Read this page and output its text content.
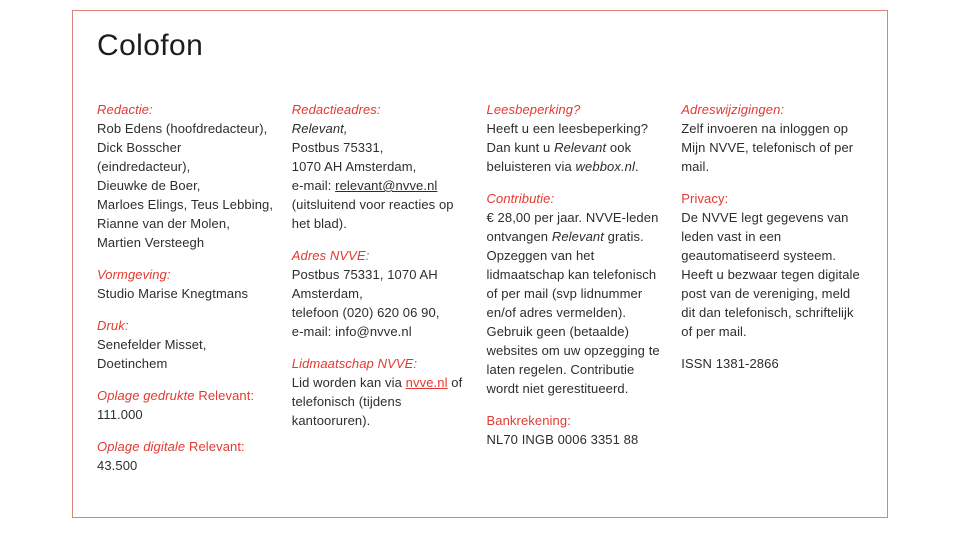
Colofon
Redactie:
Rob Edens (hoofdredacteur),
Dick Bosscher (eindredacteur),
Dieuwke de Boer,
Marloes Elings, Teus Lebbing,
Rianne van der Molen,
Martien Versteegh
Vormgeving:
Studio Marise Knegtmans
Druk:
Senefelder Misset, Doetinchem
Oplage gedrukte Relevant:
111.000
Oplage digitale Relevant:
43.500
Redactieadres:
Relevant,
Postbus 75331,
1070 AH Amsterdam,
e-mail: relevant@nvve.nl
(uitsluitend voor reacties op het blad).
Adres NVVE:
Postbus 75331, 1070 AH Amsterdam,
telefoon (020) 620 06 90,
e-mail: info@nvve.nl
Lidmaatschap NVVE:
Lid worden kan via nvve.nl of telefonisch (tijdens kantooruren).
Leesbeperking?
Heeft u een leesbeperking? Dan kunt u Relevant ook beluisteren via webbox.nl.
Contributie:
€ 28,00 per jaar. NVVE-leden ontvangen Relevant gratis. Opzeggen van het lidmaatschap kan telefonisch of per mail (svp lidnummer en/of adres vermelden). Gebruik geen (betaalde) websites om uw opzegging te laten regelen. Contributie wordt niet gerestitueerd.
Bankrekening:
NL70 INGB 0006 3351 88
Adreswijzigingen:
Zelf invoeren na inloggen op Mijn NVVE, telefonisch of per mail.
Privacy:
De NVVE legt gegevens van leden vast in een geautomatiseerd systeem. Heeft u bezwaar tegen digitale post van de vereniging, meld dit dan telefonisch, schriftelijk of per mail.
ISSN 1381-2866
